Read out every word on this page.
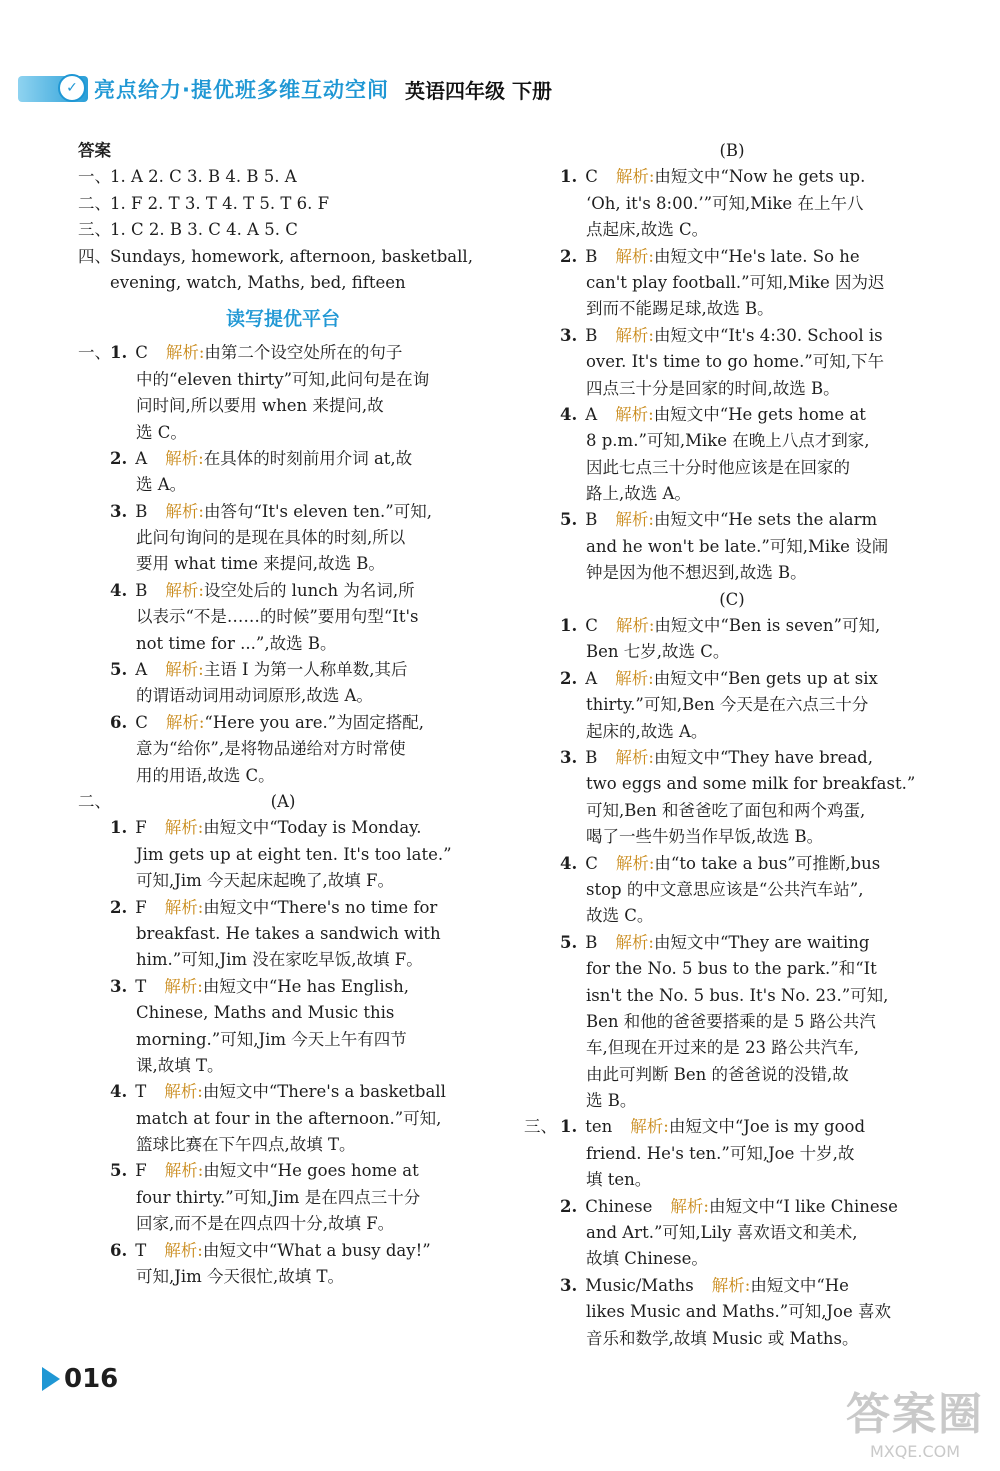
✓ 亮点给力·提优班多维互动空间 英语四年级 下册
答案
一、 1. A 2. C 3. B 4. B 5. A
二、 1. F 2. T 3. T 4. T 5. T 6. F
三、 1. C 2. B 3. C 4. A 5. C
四、 Sundays, homework, afternoon, basketball,
evening, watch, Maths, bed, fifteen
读写提优平台
一、 1. C 解析:由第二个设空处所在的句子
中的“eleven thirty”可知,此问句是在询
问时间,所以要用 when 来提问,故
选 C。
2. A 解析:在具体的时刻前用介词 at,故
选 A。
3. B 解析:由答句“It's eleven ten.”可知,
此问句询问的是现在具体的时刻,所以
要用 what time 来提问,故选 B。
4. B 解析:设空处后的 lunch 为名词,所
以表示“不是……的时候”要用句型“It's
not time for ...”,故选 B。
5. A 解析:主语 I 为第一人称单数,其后
的谓语动词用动词原形,故选 A。
6. C 解析:“Here you are.”为固定搭配,
意为“给你”,是将物品递给对方时常使
用的用语,故选 C。
二、	(A)
1. F 解析:由短文中“Today is Monday.
Jim gets up at eight ten. It's too late.”
可知,Jim 今天起床起晚了,故填 F。
2. F 解析:由短文中“There's no time for
breakfast. He takes a sandwich with
him.”可知,Jim 没在家吃早饭,故填 F。
3. T 解析:由短文中“He has English,
Chinese, Maths and Music this
morning.”可知,Jim 今天上午有四节
课,故填 T。
4. T 解析:由短文中“There's a basketball
match at four in the afternoon.”可知,
篮球比赛在下午四点,故填 T。
5. F 解析:由短文中“He goes home at
four thirty.”可知,Jim 是在四点三十分
回家,而不是在四点四十分,故填 F。
6. T 解析:由短文中“What a busy day!”
可知,Jim 今天很忙,故填 T。
(B)
1. C 解析:由短文中“Now he gets up.
‘Oh, it's 8:00.’”可知,Mike 在上午八
点起床,故选 C。
2. B 解析:由短文中“He's late. So he
can't play football.”可知,Mike 因为迟
到而不能踢足球,故选 B。
3. B 解析:由短文中“It's 4:30. School is
over. It's time to go home.”可知,下午
四点三十分是回家的时间,故选 B。
4. A 解析:由短文中“He gets home at
8 p.m.”可知,Mike 在晚上八点才到家,
因此七点三十分时他应该是在回家的
路上,故选 A。
5. B 解析:由短文中“He sets the alarm
and he won't be late.”可知,Mike 设闹
钟是因为他不想迟到,故选 B。
(C)
1. C 解析:由短文中“Ben is seven”可知,
Ben 七岁,故选 C。
2. A 解析:由短文中“Ben gets up at six
thirty.”可知,Ben 今天是在六点三十分
起床的,故选 A。
3. B 解析:由短文中“They have bread,
two eggs and some milk for breakfast.”
可知,Ben 和爸爸吃了面包和两个鸡蛋,
喝了一些牛奶当作早饭,故选 B。
4. C 解析:由“to take a bus”可推断,bus
stop 的中文意思应该是“公共汽车站”,
故选 C。
5. B 解析:由短文中“They are waiting
for the No. 5 bus to the park.”和“It
isn't the No. 5 bus. It's No. 23.”可知,
Ben 和他的爸爸要搭乘的是 5 路公共汽
车,但现在开过来的是 23 路公共汽车,
由此可判断 Ben 的爸爸说的没错,故
选 B。
三、 1. ten 解析:由短文中“Joe is my good
friend. He's ten.”可知,Joe 十岁,故
填 ten。
2. Chinese 解析:由短文中“I like Chinese
and Art.”可知,Lily 喜欢语文和美术,
故填 Chinese。
3. Music/Maths 解析:由短文中“He
likes Music and Maths.”可知,Joe 喜欢
音乐和数学,故填 Music 或 Maths。
016
答案圈
MXQE.COM
